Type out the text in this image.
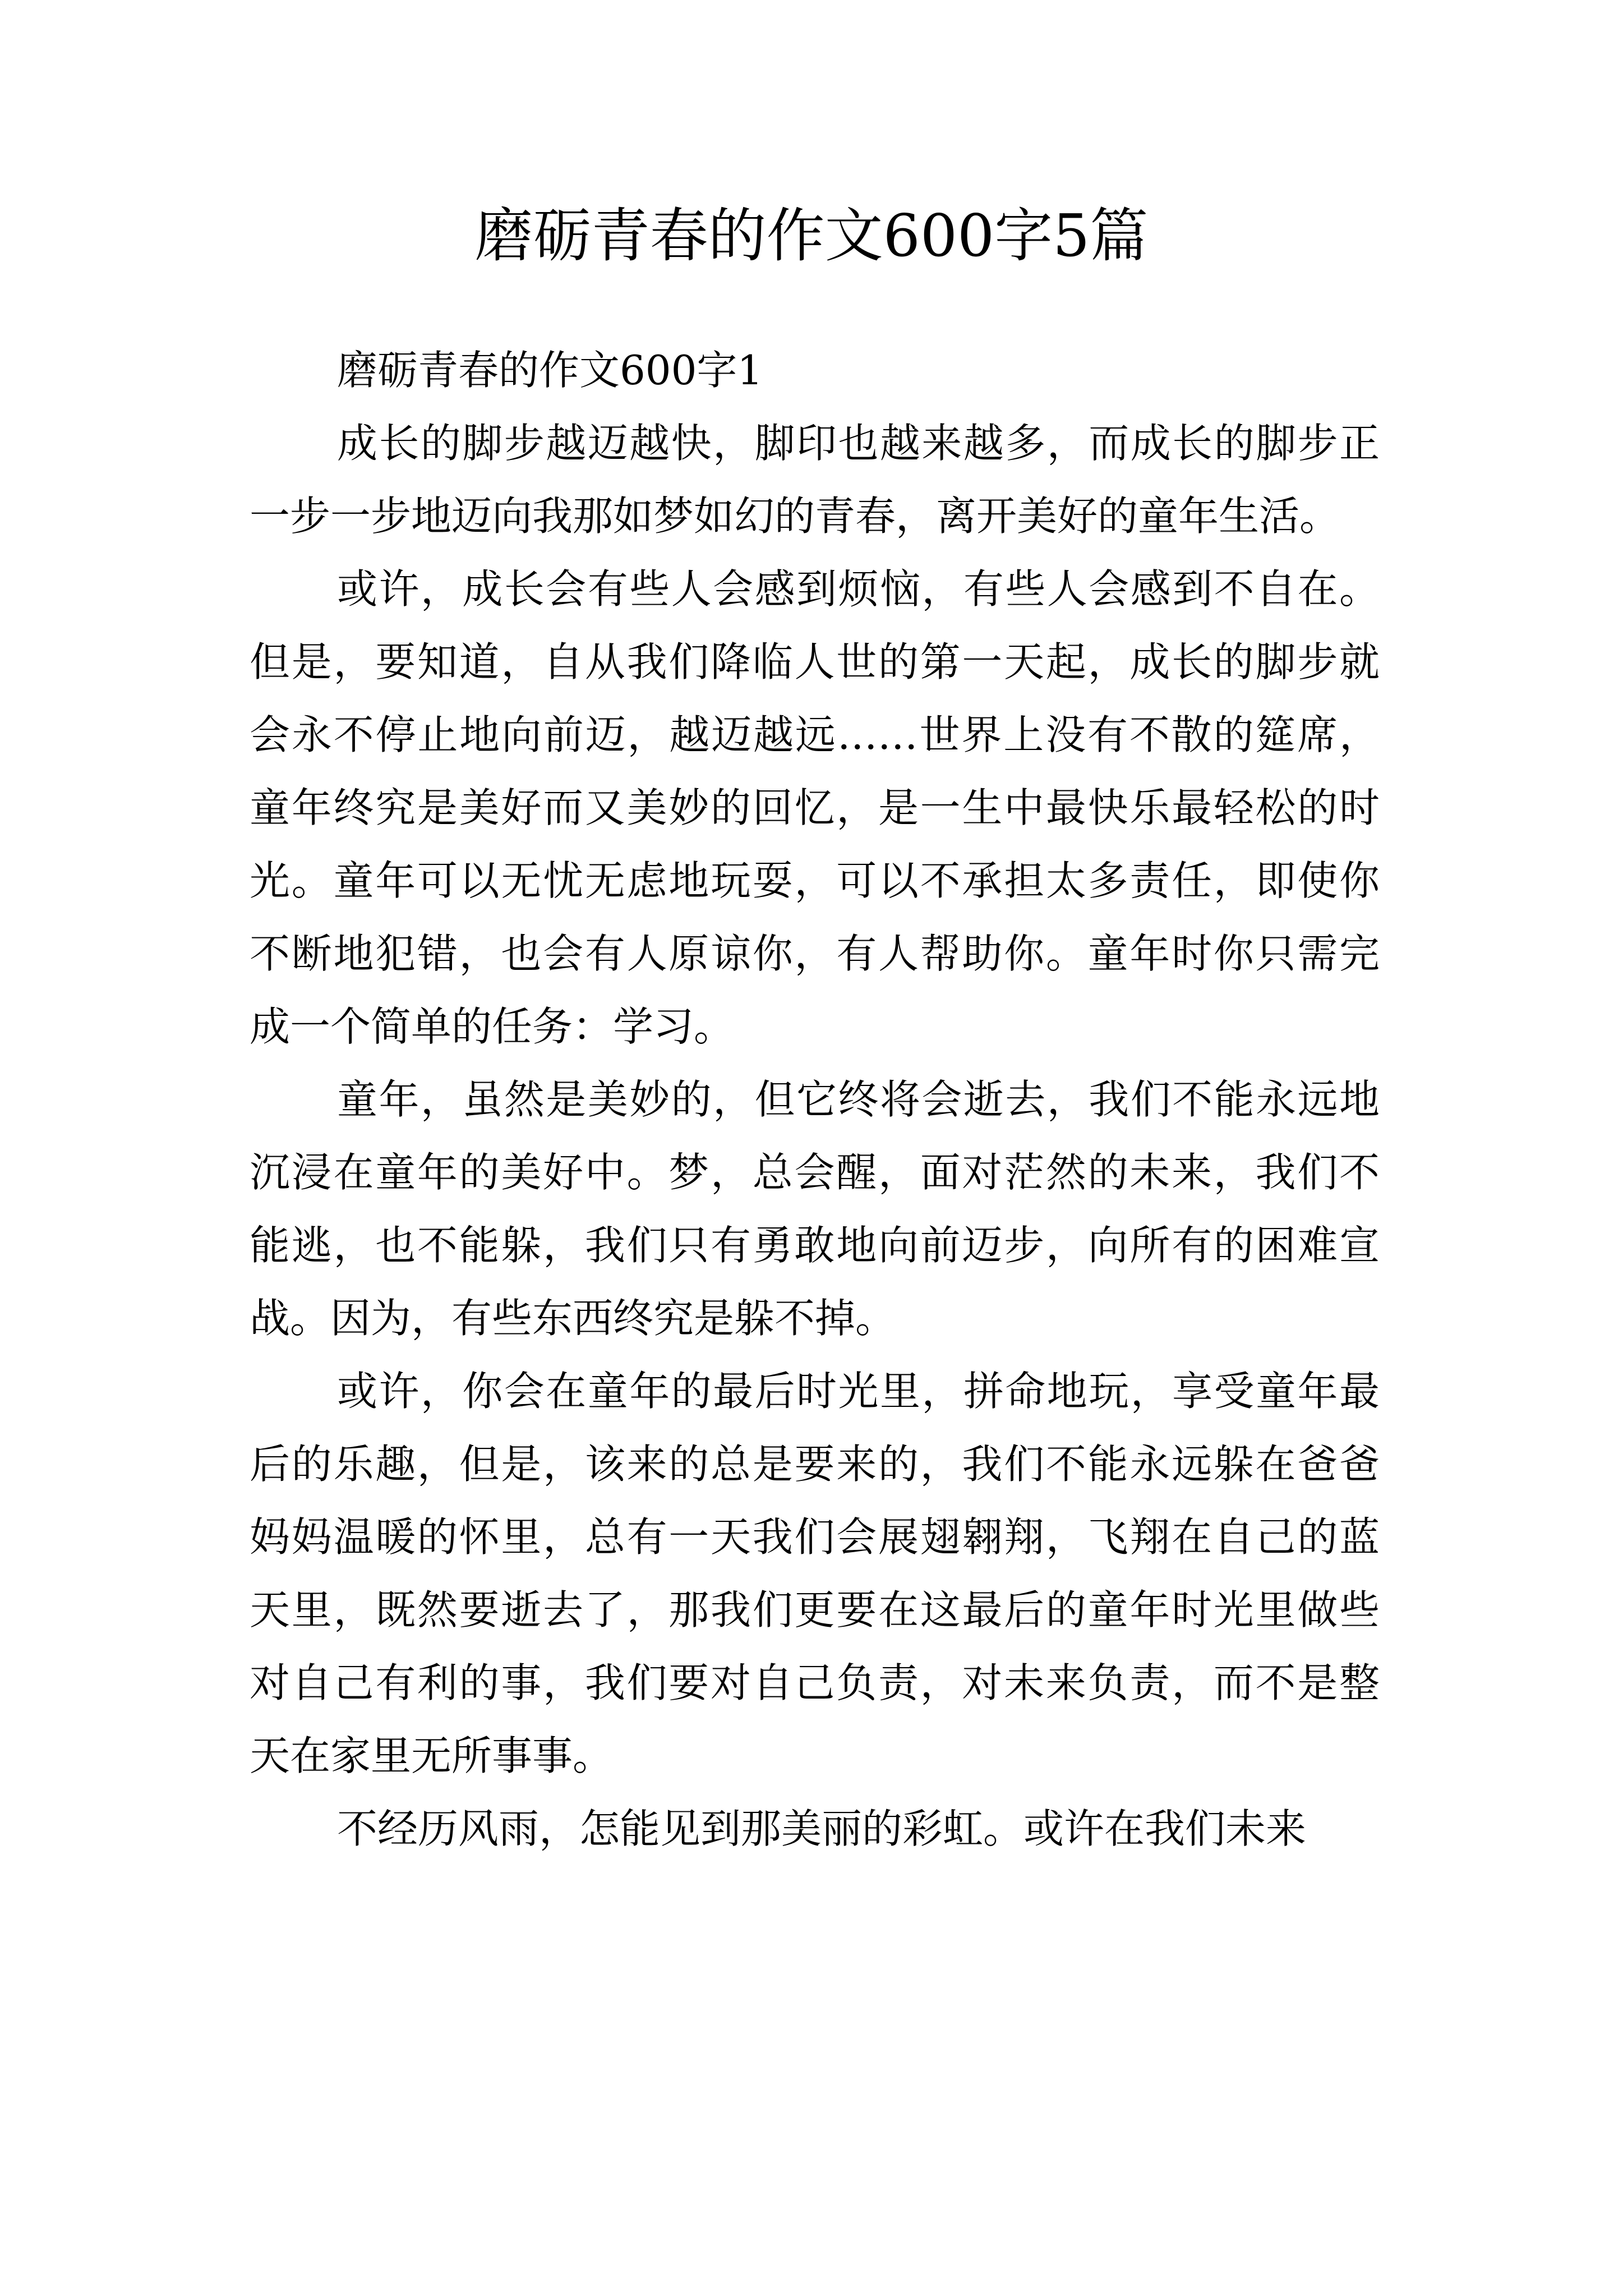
磨砺青春的作文600字5篇

磨砺青春的作文600字1

成长的脚步越迈越快，脚印也越来越多，而成长的脚步正一步一步地迈向我那如梦如幻的青春，离开美好的童年生活。

或许，成长会有些人会感到烦恼，有些人会感到不自在。但是，要知道，自从我们降临人世的第一天起，成长的脚步就会永不停止地向前迈，越迈越远……世界上没有不散的筵席，童年终究是美好而又美妙的回忆，是一生中最快乐最轻松的时光。童年可以无忧无虑地玩耍，可以不承担太多责任，即使你不断地犯错，也会有人原谅你，有人帮助你。童年时你只需完成一个简单的任务：学习。

童年，虽然是美妙的，但它终将会逝去，我们不能永远地沉浸在童年的美好中。梦，总会醒，面对茫然的未来，我们不能逃，也不能躲，我们只有勇敢地向前迈步，向所有的困难宣战。因为，有些东西终究是躲不掉。

或许，你会在童年的最后时光里，拼命地玩，享受童年最后的乐趣，但是，该来的总是要来的，我们不能永远躲在爸爸妈妈温暖的怀里，总有一天我们会展翅翱翔，飞翔在自己的蓝天里，既然要逝去了，那我们更要在这最后的童年时光里做些对自己有利的事，我们要对自己负责，对未来负责，而不是整天在家里无所事事。

不经历风雨，怎能见到那美丽的彩虹。或许在我们未来
